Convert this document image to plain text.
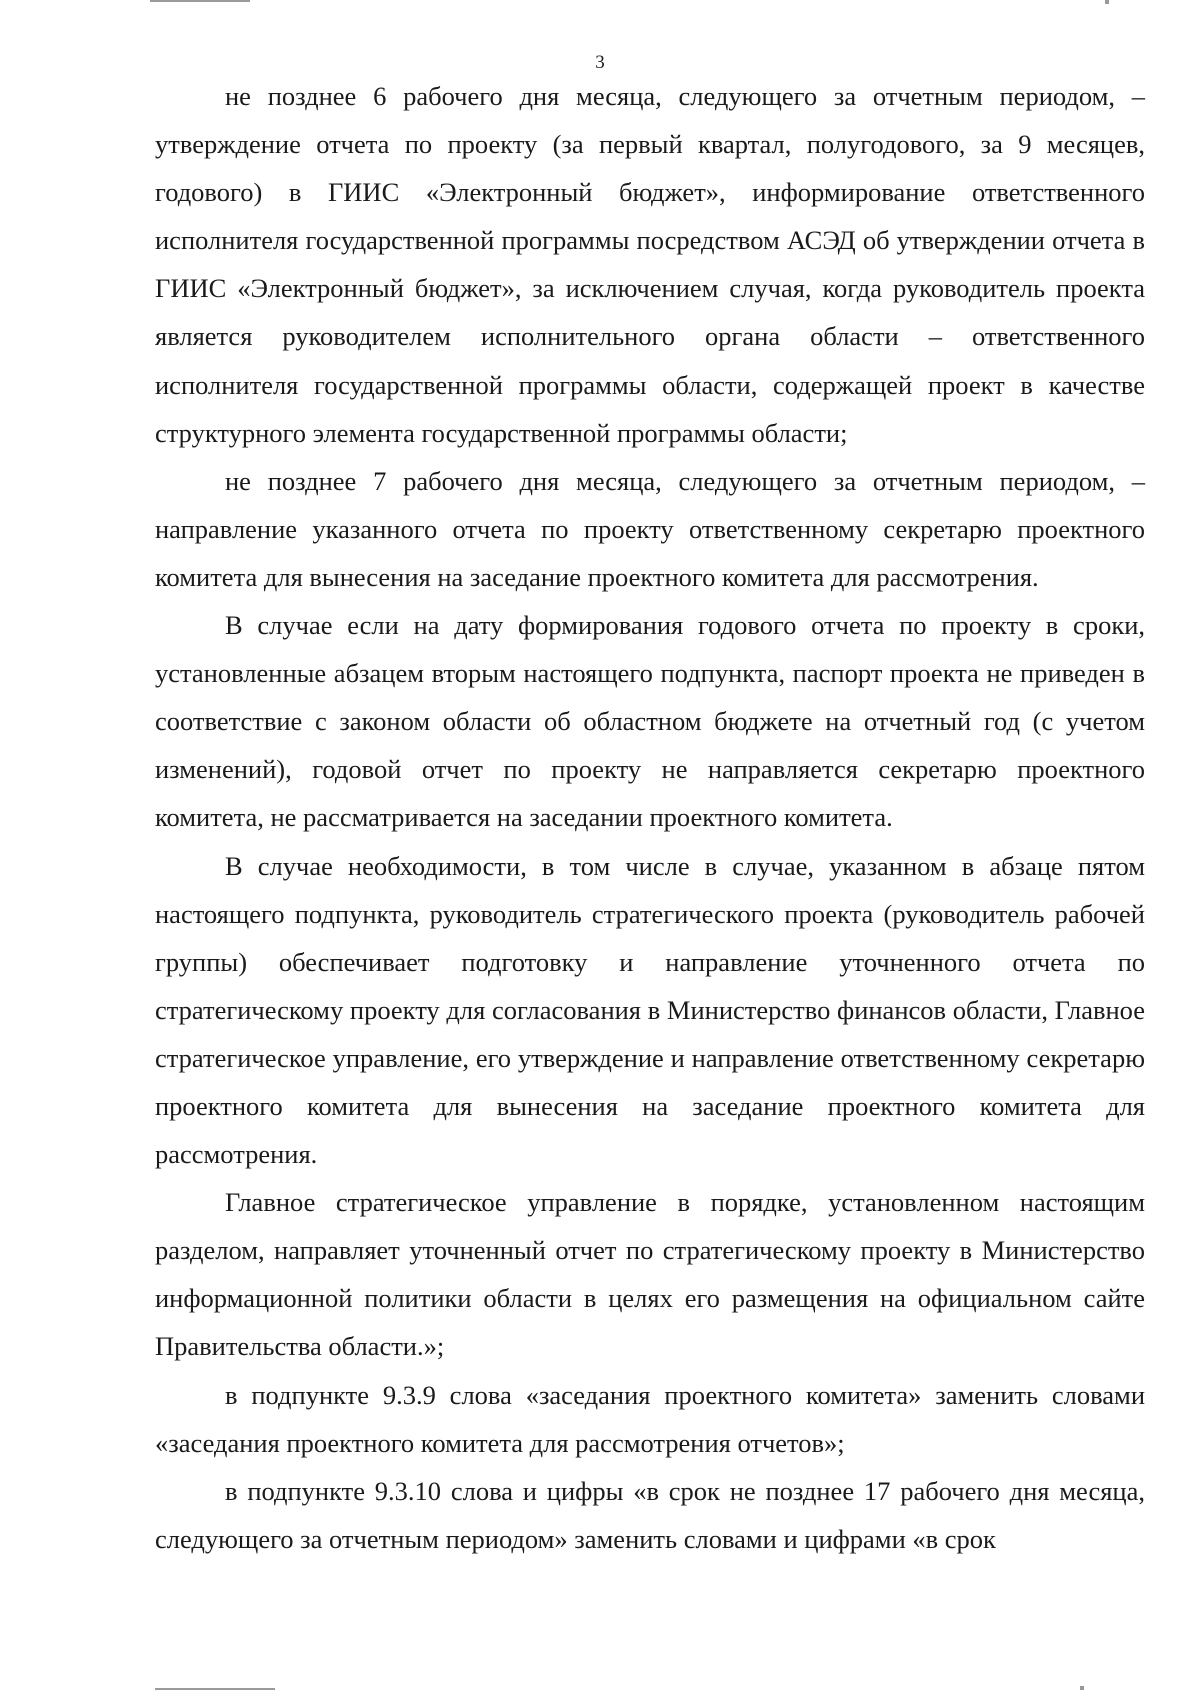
3

не позднее 6 рабочего дня месяца, следующего за отчетным периодом, – утверждение отчета по проекту (за первый квартал, полугодового, за 9 месяцев, годового) в ГИИС «Электронный бюджет», информирование ответственного исполнителя государственной программы посредством АСЭД об утверждении отчета в ГИИС «Электронный бюджет», за исключением случая, когда руководитель проекта является руководителем исполнительного органа области – ответственного исполнителя государственной программы области, содержащей проект в качестве структурного элемента государственной программы области;

не позднее 7 рабочего дня месяца, следующего за отчетным периодом, – направление указанного отчета по проекту ответственному секретарю проектного комитета для вынесения на заседание проектного комитета для рассмотрения.

В случае если на дату формирования годового отчета по проекту в сроки, установленные абзацем вторым настоящего подпункта, паспорт проекта не приведен в соответствие с законом области об областном бюджете на отчетный год (с учетом изменений), годовой отчет по проекту не направляется секретарю проектного комитета, не рассматривается на заседании проектного комитета.

В случае необходимости, в том числе в случае, указанном в абзаце пятом настоящего подпункта, руководитель стратегического проекта (руководитель рабочей группы) обеспечивает подготовку и направление уточненного отчета по стратегическому проекту для согласования в Министерство финансов области, Главное стратегическое управление, его утверждение и направление ответственному секретарю проектного комитета для вынесения на заседание проектного комитета для рассмотрения.

Главное стратегическое управление в порядке, установленном настоящим разделом, направляет уточненный отчет по стратегическому проекту в Министерство информационной политики области в целях его размещения на официальном сайте Правительства области.»;

в подпункте 9.3.9 слова «заседания проектного комитета» заменить словами «заседания проектного комитета для рассмотрения отчетов»;

в подпункте 9.3.10 слова и цифры «в срок не позднее 17 рабочего дня месяца, следующего за отчетным периодом» заменить словами и цифрами «в срок
